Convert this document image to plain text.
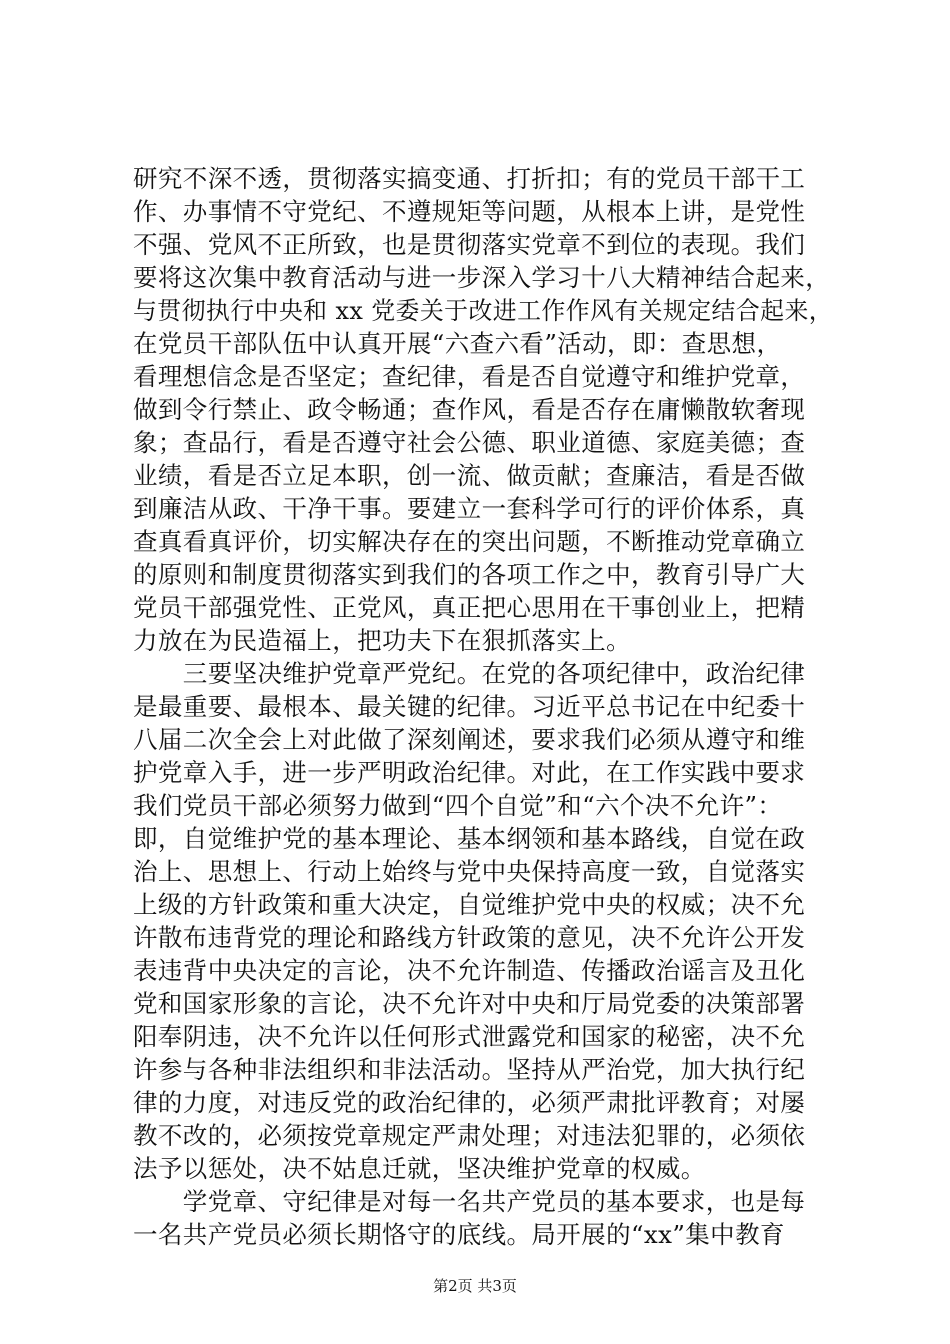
研究不深不透，贯彻落实搞变通、打折扣；有的党员干部干工
作、办事情不守党纪、不遵规矩等问题，从根本上讲，是党性
不强、党风不正所致，也是贯彻落实党章不到位的表现。我们
要将这次集中教育活动与进一步深入学习十八大精神结合起来，
与贯彻执行中央和 xx 党委关于改进工作作风有关规定结合起来，
在党员干部队伍中认真开展“六查六看”活动，即：查思想，
看理想信念是否坚定；查纪律，看是否自觉遵守和维护党章，
做到令行禁止、政令畅通；查作风，看是否存在庸懒散软奢现
象；查品行，看是否遵守社会公德、职业道德、家庭美德；查
业绩，看是否立足本职，创一流、做贡献；查廉洁，看是否做
到廉洁从政、干净干事。要建立一套科学可行的评价体系，真
查真看真评价，切实解决存在的突出问题，不断推动党章确立
的原则和制度贯彻落实到我们的各项工作之中，教育引导广大
党员干部强党性、正党风，真正把心思用在干事创业上，把精
力放在为民造福上，把功夫下在狠抓落实上。
　　三要坚决维护党章严党纪。在党的各项纪律中，政治纪律
是最重要、最根本、最关键的纪律。习近平总书记在中纪委十
八届二次全会上对此做了深刻阐述，要求我们必须从遵守和维
护党章入手，进一步严明政治纪律。对此，在工作实践中要求
我们党员干部必须努力做到“四个自觉”和“六个决不允许”：
即，自觉维护党的基本理论、基本纲领和基本路线，自觉在政
治上、思想上、行动上始终与党中央保持高度一致，自觉落实
上级的方针政策和重大决定，自觉维护党中央的权威；决不允
许散布违背党的理论和路线方针政策的意见，决不允许公开发
表违背中央决定的言论，决不允许制造、传播政治谣言及丑化
党和国家形象的言论，决不允许对中央和厅局党委的决策部署
阳奉阴违，决不允许以任何形式泄露党和国家的秘密，决不允
许参与各种非法组织和非法活动。坚持从严治党，加大执行纪
律的力度，对违反党的政治纪律的，必须严肃批评教育；对屡
教不改的，必须按党章规定严肃处理；对违法犯罪的，必须依
法予以惩处，决不姑息迁就，坚决维护党章的权威。
　　学党章、守纪律是对每一名共产党员的基本要求，也是每
一名共产党员必须长期恪守的底线。局开展的“xx”集中教育
第2页 共3页
